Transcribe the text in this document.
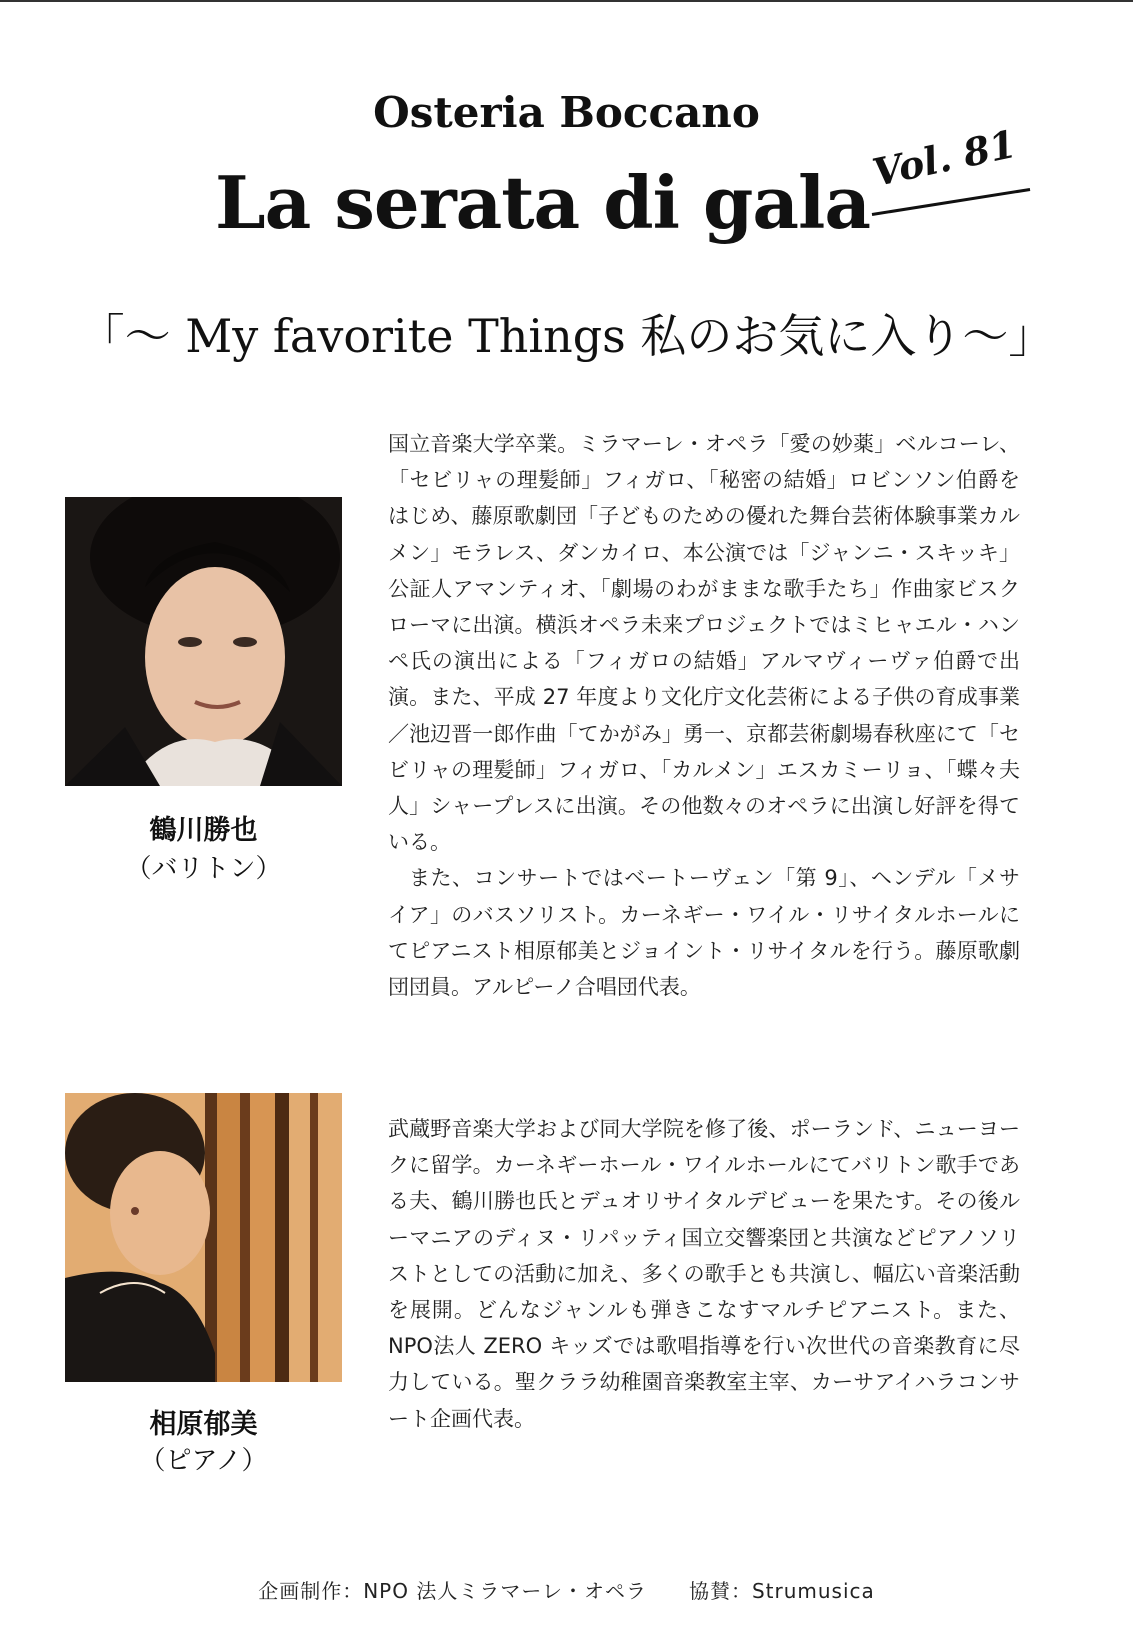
Osteria Boccano
La serata di gala
Vol. 81
「～ My favorite Things 私のお気に入り～」
鶴川勝也
（バリトン）

国立音楽大学卒業。ミラマーレ・オペラ「愛の妙薬」ベルコーレ、「セビリャの理髪師」フィガロ、「秘密の結婚」ロビンソン伯爵をはじめ、藤原歌劇団「子どものための優れた舞台芸術体験事業カルメン」モラレス、ダンカイロ、本公演では「ジャンニ・スキッキ」公証人アマンティオ、「劇場のわがままな歌手たち」作曲家ビスクローマに出演。横浜オペラ未来プロジェクトではミヒャエル・ハンペ氏の演出による「フィガロの結婚」アルマヴィーヴァ伯爵で出演。また、平成 27 年度より文化庁文化芸術による子供の育成事業／池辺晋一郎作曲「てかがみ」勇一、京都芸術劇場春秋座にて「セビリャの理髪師」フィガロ、「カルメン」エスカミーリョ、「蝶々夫人」シャープレスに出演。その他数々のオペラに出演し好評を得ている。

また、コンサートではベートーヴェン「第 9」、ヘンデル「メサイア」のバスソリスト。カーネギー・ワイル・リサイタルホールにてピアニスト相原郁美とジョイント・リサイタルを行う。藤原歌劇団団員。アルピーノ合唱団代表。

相原郁美
（ピアノ）

武蔵野音楽大学および同大学院を修了後、ポーランド、ニューヨークに留学。カーネギーホール・ワイルホールにてバリトン歌手である夫、鶴川勝也氏とデュオリサイタルデビューを果たす。その後ルーマニアのディヌ・リパッティ国立交響楽団と共演などピアノソリストとしての活動に加え、多くの歌手とも共演し、幅広い音楽活動を展開。どんなジャンルも弾きこなすマルチピアニスト。また、NPO法人 ZERO キッズでは歌唱指導を行い次世代の音楽教育に尽力している。聖クララ幼稚園音楽教室主宰、カーサアイハラコンサート企画代表。

企画制作：NPO 法人ミラマーレ・オペラ　　協賛：Strumusica
